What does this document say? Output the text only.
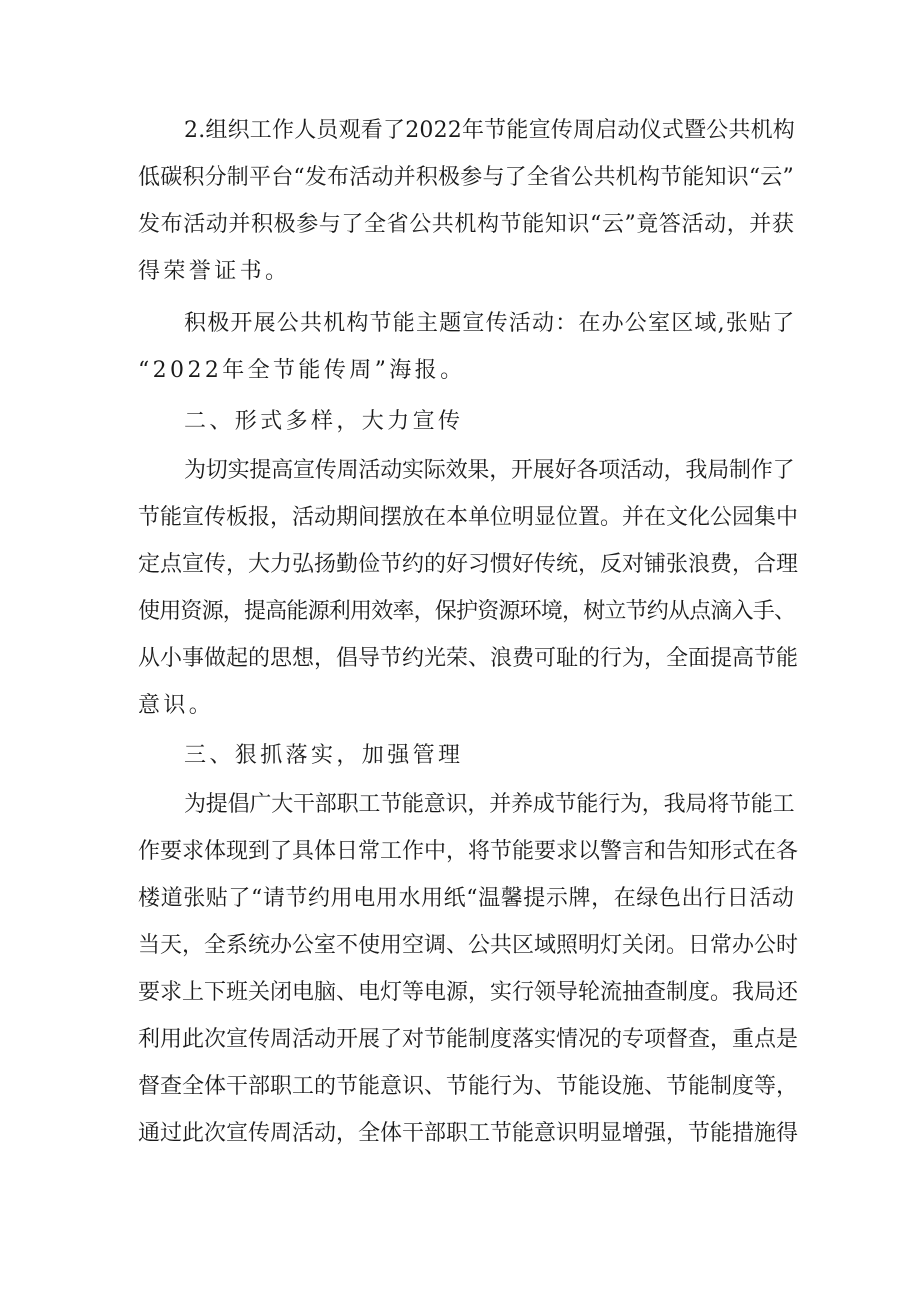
2.组织工作人员观看了2022年节能宣传周启动仪式暨公共机构
低碳积分制平台“发布活动并积极参与了全省公共机构节能知识“云”
发布活动并积极参与了全省公共机构节能知识“云”竟答活动，并获
得荣誉证书。
积极开展公共机构节能主题宣传活动：在办公室区域,张贴了
“2022年全节能传周”海报。
二、形式多样，大力宣传
为切实提高宣传周活动实际效果，开展好各项活动，我局制作了
节能宣传板报，活动期间摆放在本单位明显位置。并在文化公园集中
定点宣传，大力弘扬勤俭节约的好习惯好传统，反对铺张浪费，合理
使用资源，提高能源利用效率，保护资源环境，树立节约从点滴入手、
从小事做起的思想，倡导节约光荣、浪费可耻的行为，全面提高节能
意识。
三、狠抓落实，加强管理
为提倡广大干部职工节能意识，并养成节能行为，我局将节能工
作要求体现到了具体日常工作中，将节能要求以警言和告知形式在各
楼道张贴了“请节约用电用水用纸“温馨提示牌，在绿色出行日活动
当天，全系统办公室不使用空调、公共区域照明灯关闭。日常办公时
要求上下班关闭电脑、电灯等电源，实行领导轮流抽查制度。我局还
利用此次宣传周活动开展了对节能制度落实情况的专项督查，重点是
督查全体干部职工的节能意识、节能行为、节能设施、节能制度等，
通过此次宣传周活动，全体干部职工节能意识明显增强，节能措施得
